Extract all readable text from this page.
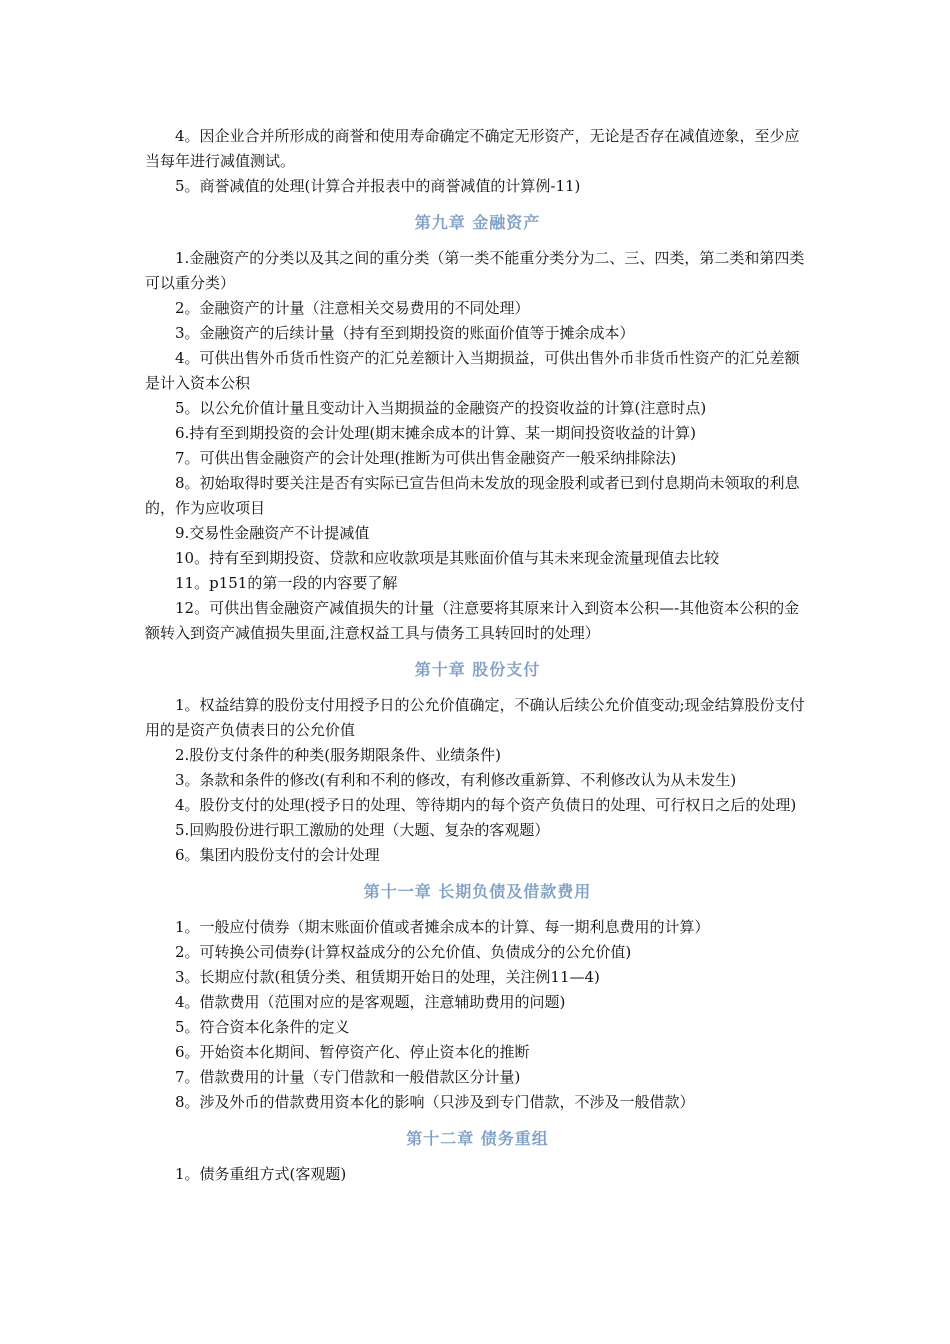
4。因企业合并所形成的商誉和使用寿命确定不确定无形资产，无论是否存在减值迹象，至少应当每年进行减值测试。

5。商誉减值的处理(计算合并报表中的商誉减值的计算例-11)

第九章 金融资产

1.金融资产的分类以及其之间的重分类（第一类不能重分类分为二、三、四类，第二类和第四类可以重分类）

2。金融资产的计量（注意相关交易费用的不同处理）

3。金融资产的后续计量（持有至到期投资的账面价值等于摊余成本）

4。可供出售外币货币性资产的汇兑差额计入当期损益，可供出售外币非货币性资产的汇兑差额是计入资本公积

5。以公允价值计量且变动计入当期损益的金融资产的投资收益的计算(注意时点)

6.持有至到期投资的会计处理(期末摊余成本的计算、某一期间投资收益的计算)

7。可供出售金融资产的会计处理(推断为可供出售金融资产一般采纳排除法)

8。初始取得时要关注是否有实际已宣告但尚未发放的现金股利或者已到付息期尚未领取的利息的，作为应收项目

9.交易性金融资产不计提减值

10。持有至到期投资、贷款和应收款项是其账面价值与其未来现金流量现值去比较

11。p151的第一段的内容要了解

12。可供出售金融资产减值损失的计量（注意要将其原来计入到资本公积—-其他资本公积的金额转入到资产减值损失里面,注意权益工具与债务工具转回时的处理）

第十章 股份支付

1。权益结算的股份支付用授予日的公允价值确定，不确认后续公允价值变动;现金结算股份支付用的是资产负债表日的公允价值

2.股份支付条件的种类(服务期限条件、业绩条件)

3。条款和条件的修改(有利和不利的修改，有利修改重新算、不利修改认为从未发生)

4。股份支付的处理(授予日的处理、等待期内的每个资产负债日的处理、可行权日之后的处理)

5.回购股份进行职工激励的处理（大题、复杂的客观题）

6。集团内股份支付的会计处理

第十一章 长期负债及借款费用

1。一般应付债券（期末账面价值或者摊余成本的计算、每一期利息费用的计算）

2。可转换公司债券(计算权益成分的公允价值、负债成分的公允价值)

3。长期应付款(租赁分类、租赁期开始日的处理，关注例11—4)

4。借款费用（范围对应的是客观题，注意辅助费用的问题)

5。符合资本化条件的定义

6。开始资本化期间、暂停资产化、停止资本化的推断

7。借款费用的计量（专门借款和一般借款区分计量)

8。涉及外币的借款费用资本化的影响（只涉及到专门借款，不涉及一般借款）

第十二章 债务重组

1。债务重组方式(客观题)
